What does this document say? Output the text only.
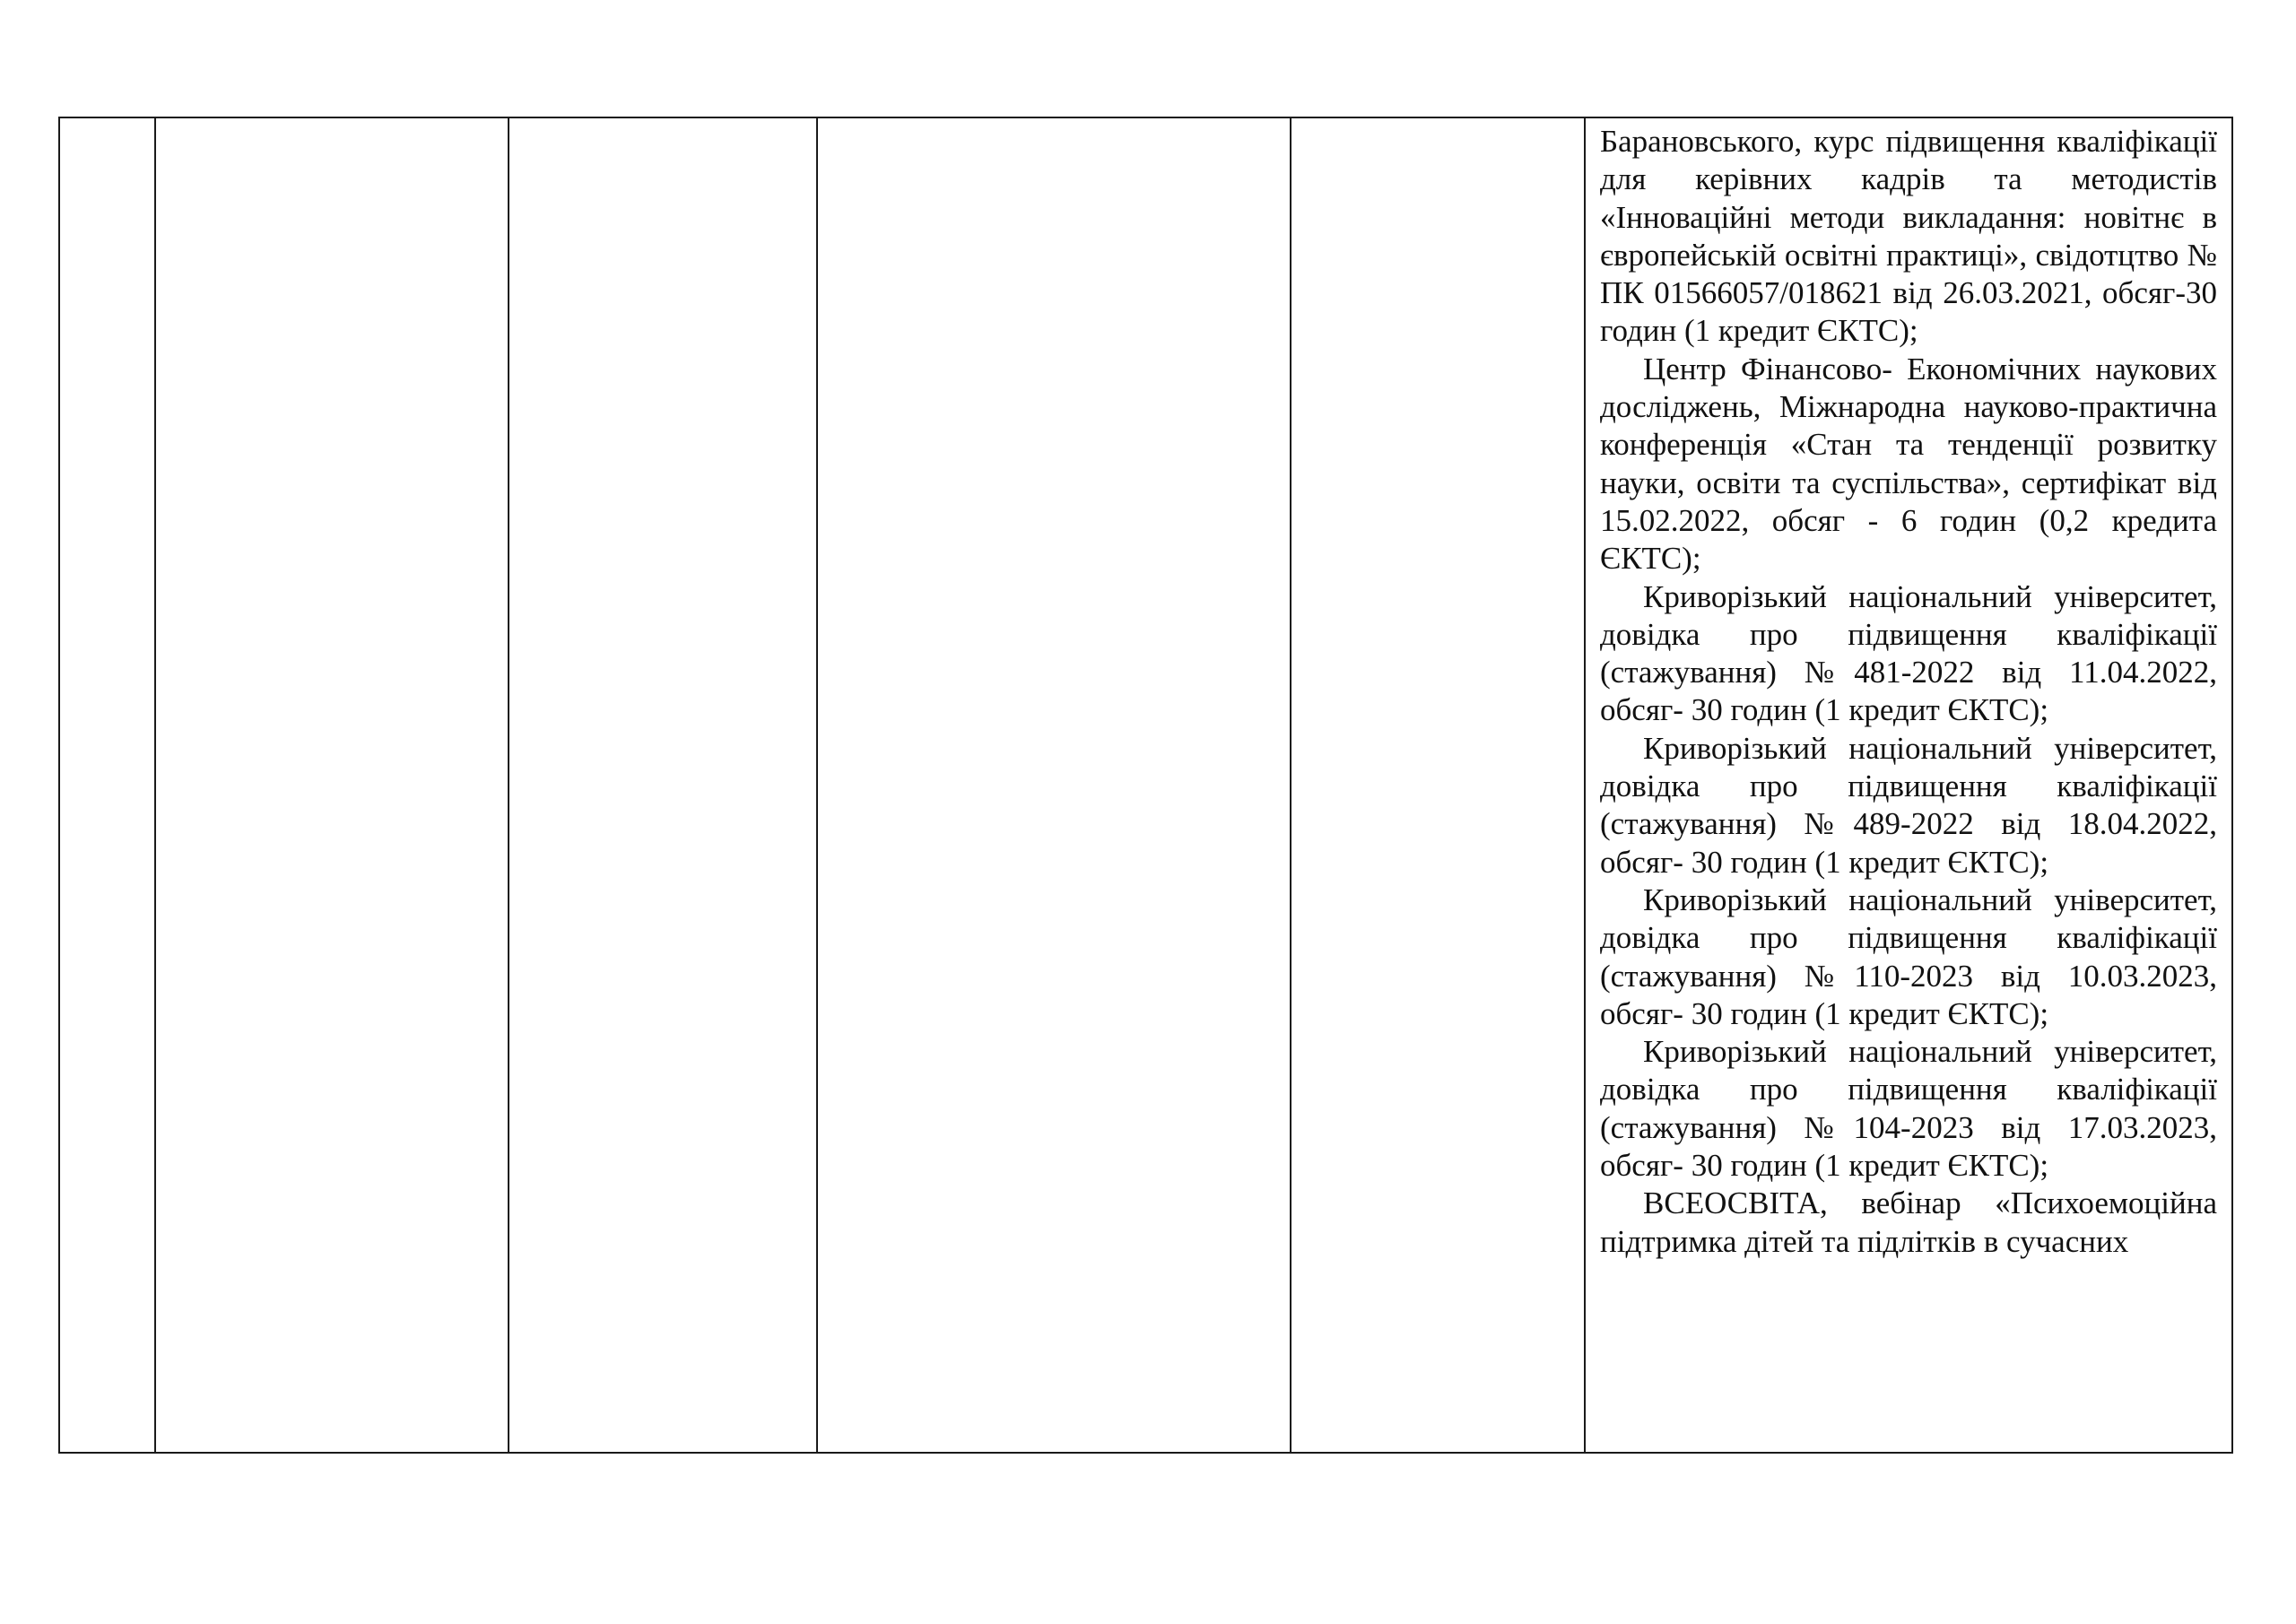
Барановського, курс підвищення кваліфікації для керівних кадрів та методистів «Інноваційні методи викладання: новітнє в європейській освітні практиці», свідотцтво № ПК 01566057/018621 від 26.03.2021, обсяг-30 годин (1 кредит ЄКТС);

Центр Фінансово- Економічних наукових досліджень, Міжнародна науково-практична конференція «Стан та тенденції розвитку науки, освіти та суспільства», сертифікат від 15.02.2022, обсяг - 6 годин (0,2 кредита ЄКТС);

Криворізький національний університет, довідка про підвищення кваліфікації (стажування) №481-2022 від 11.04.2022, обсяг- 30 годин (1 кредит ЄКТС);

Криворізький національний університет, довідка про підвищення кваліфікації (стажування) №489-2022 від 18.04.2022, обсяг- 30 годин (1 кредит ЄКТС);

Криворізький національний університет, довідка про підвищення кваліфікації (стажування) №110-2023 від 10.03.2023, обсяг- 30 годин (1 кредит ЄКТС);

Криворізький національний університет, довідка про підвищення кваліфікації (стажування) №104-2023 від 17.03.2023, обсяг- 30 годин (1 кредит ЄКТС);

ВСЕОСВІТА, вебінар «Психоемоційна підтримка дітей та підлітків в сучасних
